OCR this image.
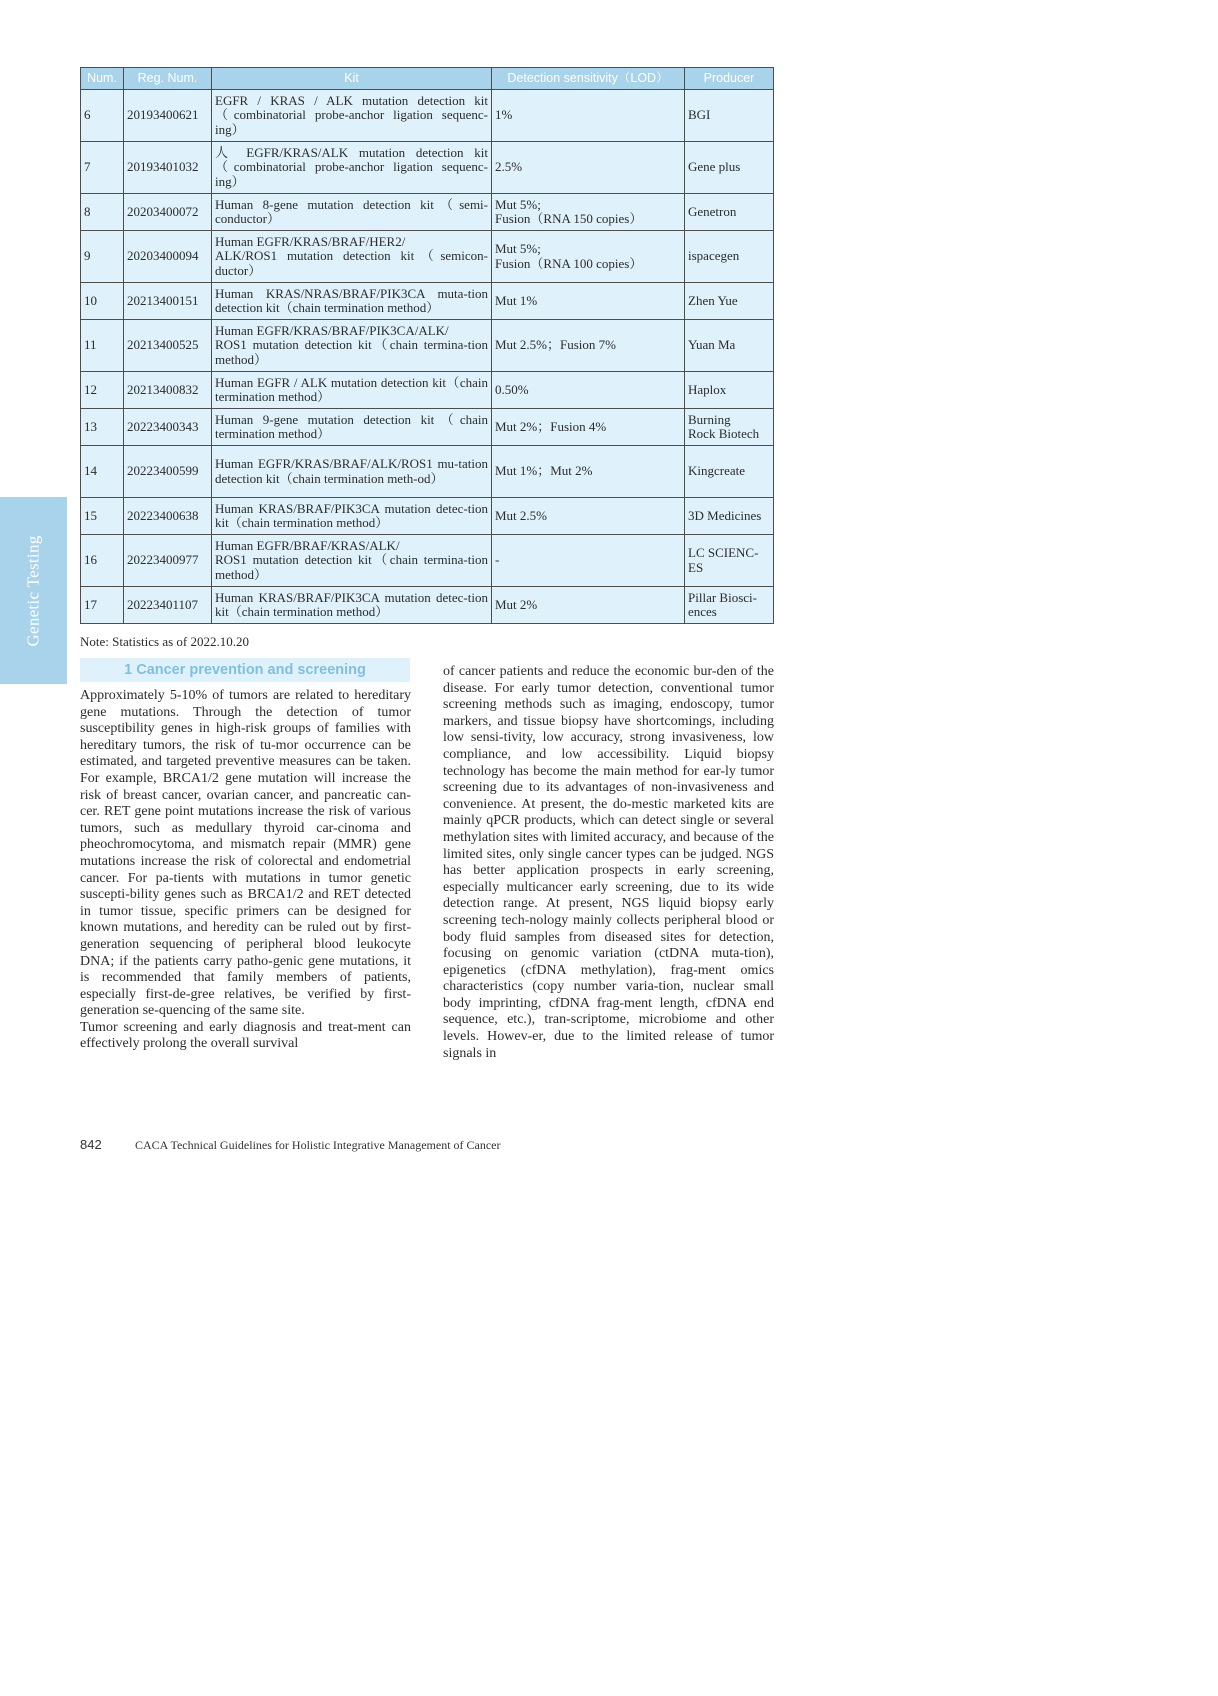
Genetic Testing
Num.	Reg. Num.	Kit	Detection sensitivity（LOD）	Producer
6	20193400621	EGFR / KRAS / ALK mutation detection kit（combinatorial probe-anchor ligation sequenc-ing）	1%	BGI
7	20193401032	人 EGFR/KRAS/ALK mutation detection kit（combinatorial probe-anchor ligation sequenc-ing）	2.5%	Gene plus
8	20203400072	Human 8-gene mutation detection kit（semi-conductor）	Mut 5%;
Fusion（RNA 150 copies）	Genetron
9	20203400094	Human EGFR/KRAS/BRAF/HER2/
ALK/ROS1 mutation detection kit（semicon-ductor）	Mut 5%;
Fusion（RNA 100 copies）	ispacegen
10	20213400151	Human KRAS/NRAS/BRAF/PIK3CA muta-tion detection kit（chain termination method）	Mut 1%	Zhen Yue
11	20213400525	Human EGFR/KRAS/BRAF/PIK3CA/ALK/
ROS1 mutation detection kit（chain termina-tion method）	Mut 2.5%；Fusion 7%	Yuan Ma
12	20213400832	Human EGFR / ALK mutation detection kit（chain termination method）	0.50%	Haplox
13	20223400343	Human 9-gene mutation detection kit（chain termination method）	Mut 2%；Fusion 4%	Burning
Rock Biotech
14	20223400599	Human EGFR/KRAS/BRAF/ALK/ROS1 mu-tation detection kit（chain termination meth-od）	Mut 1%；Mut 2%	Kingcreate
15	20223400638	Human KRAS/BRAF/PIK3CA mutation detec-tion kit（chain termination method）	Mut 2.5%	3D Medicines
16	20223400977	Human EGFR/BRAF/KRAS/ALK/
ROS1 mutation detection kit（chain termina-tion method）	-	LC SCIENC-ES
17	20223401107	Human KRAS/BRAF/PIK3CA mutation detec-tion kit（chain termination method）	Mut 2%	Pillar Biosci-ences
Note: Statistics as of 2022.10.20
1 Cancer prevention and screening

Approximately 5-10% of tumors are related to hereditary gene mutations. Through the detection of tumor susceptibility genes in high-risk groups of families with hereditary tumors, the risk of tu-mor occurrence can be estimated, and targeted preventive measures can be taken. For example, BRCA1/2 gene mutation will increase the risk of breast cancer, ovarian cancer, and pancreatic can-cer. RET gene point mutations increase the risk of various tumors, such as medullary thyroid car-cinoma and pheochromocytoma, and mismatch repair (MMR) gene mutations increase the risk of colorectal and endometrial cancer. For pa-tients with mutations in tumor genetic suscepti-bility genes such as BRCA1/2 and RET detected in tumor tissue, specific primers can be designed for known mutations, and heredity can be ruled out by first-generation sequencing of peripheral blood leukocyte DNA; if the patients carry patho-genic gene mutations, it is recommended that family members of patients, especially first-de-gree relatives, be verified by first-generation se-quencing of the same site.

Tumor screening and early diagnosis and treat-ment can effectively prolong the overall survival

of cancer patients and reduce the economic bur-den of the disease. For early tumor detection, conventional tumor screening methods such as imaging, endoscopy, tumor markers, and tissue biopsy have shortcomings, including low sensi-tivity, low accuracy, strong invasiveness, low compliance, and low accessibility. Liquid biopsy technology has become the main method for ear-ly tumor screening due to its advantages of non-invasiveness and convenience. At present, the do-mestic marketed kits are mainly qPCR products, which can detect single or several methylation sites with limited accuracy, and because of the limited sites, only single cancer types can be judged. NGS has better application prospects in early screening, especially multicancer early screening, due to its wide detection range. At present, NGS liquid biopsy early screening tech-nology mainly collects peripheral blood or body fluid samples from diseased sites for detection, focusing on genomic variation (ctDNA muta-tion), epigenetics (cfDNA methylation), frag-ment omics characteristics (copy number varia-tion, nuclear small body imprinting, cfDNA frag-ment length, cfDNA end sequence, etc.), tran-scriptome, microbiome and other levels. Howev-er, due to the limited release of tumor signals in

842	CACA Technical Guidelines for Holistic Integrative Management of Cancer
